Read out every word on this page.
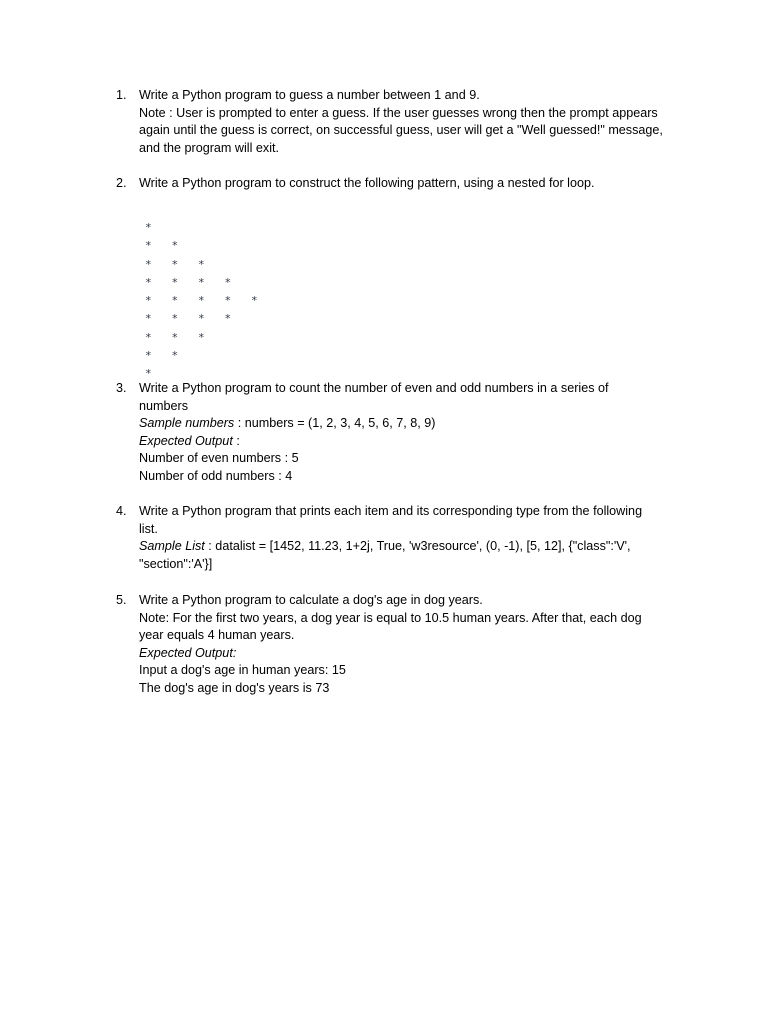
1. Write a Python program to guess a number between 1 and 9.
Note : User is prompted to enter a guess. If the user guesses wrong then the prompt appears
again until the guess is correct, on successful guess, user will get a "Well guessed!" message,
and the program will exit.
2. Write a Python program to construct the following pattern, using a nested for loop.
*
*   *
*   *   *
*   *   *   *
*   *   *   *   *
*   *   *   *
*   *   *
*   *
*
3. Write a Python program to count the number of even and odd numbers in a series of
numbers
Sample numbers : numbers = (1, 2, 3, 4, 5, 6, 7, 8, 9)
Expected Output :
Number of even numbers : 5
Number of odd numbers : 4
4. Write a Python program that prints each item and its corresponding type from the following
list.
Sample List : datalist = [1452, 11.23, 1+2j, True, 'w3resource', (0, -1), [5, 12], {"class":'V',
"section":'A'}]
5. Write a Python program to calculate a dog's age in dog years.
Note: For the first two years, a dog year is equal to 10.5 human years. After that, each dog
year equals 4 human years.
Expected Output:
Input a dog's age in human years: 15
The dog's age in dog's years is 73
